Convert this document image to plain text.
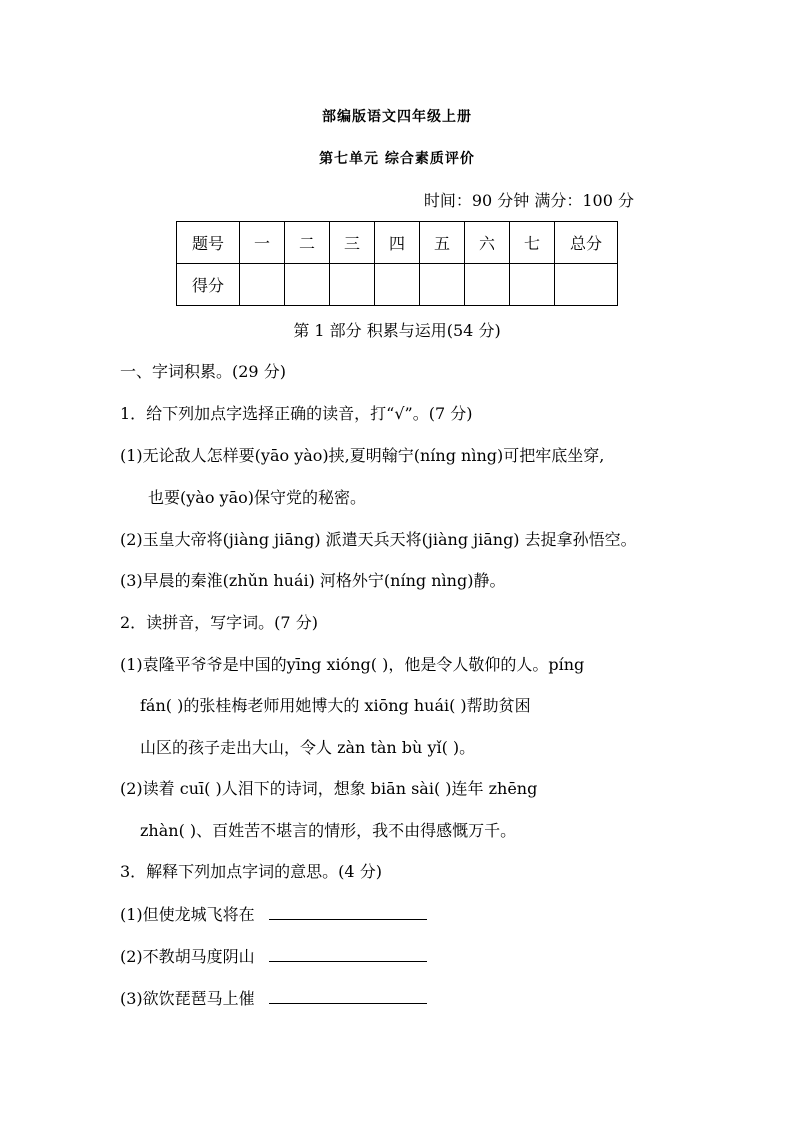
部编版语文四年级上册
第七单元 综合素质评价
时间：90 分钟 满分：100 分
题号	一	二	三	四	五	六	七	总分
得分								
第 1 部分 积累与运用(54 分)
一、字词积累。(29 分)
1．给下列加点字选择正确的读音，打“√”。(7 分)
(1)无论敌人怎样要(yāo yào)挟,夏明翰宁(níng nìng)可把牢底坐穿,
也要(yào yāo)保守党的秘密。
(2)玉皇大帝将(jiàng jiāng) 派遣天兵天将(jiàng jiāng) 去捉拿孙悟空。
(3)早晨的秦淮(zhǔn huái) 河格外宁(níng nìng)静。
2．读拼音，写字词。(7 分)
(1)袁隆平爷爷是中国的yīng xióng( )，他是令人敬仰的人。píng
fán( )的张桂梅老师用她博大的 xiōng huái( )帮助贫困
山区的孩子走出大山，令人 zàn tàn bù yǐ( )。
(2)读着 cuī( )人泪下的诗词，想象 biān sài( )连年 zhēng
zhàn( )、百姓苦不堪言的情形，我不由得感慨万千。
3．解释下列加点字词的意思。(4 分)
(1)但使龙城飞将在
(2)不教胡马度阴山
(3)欲饮琵琶马上催
